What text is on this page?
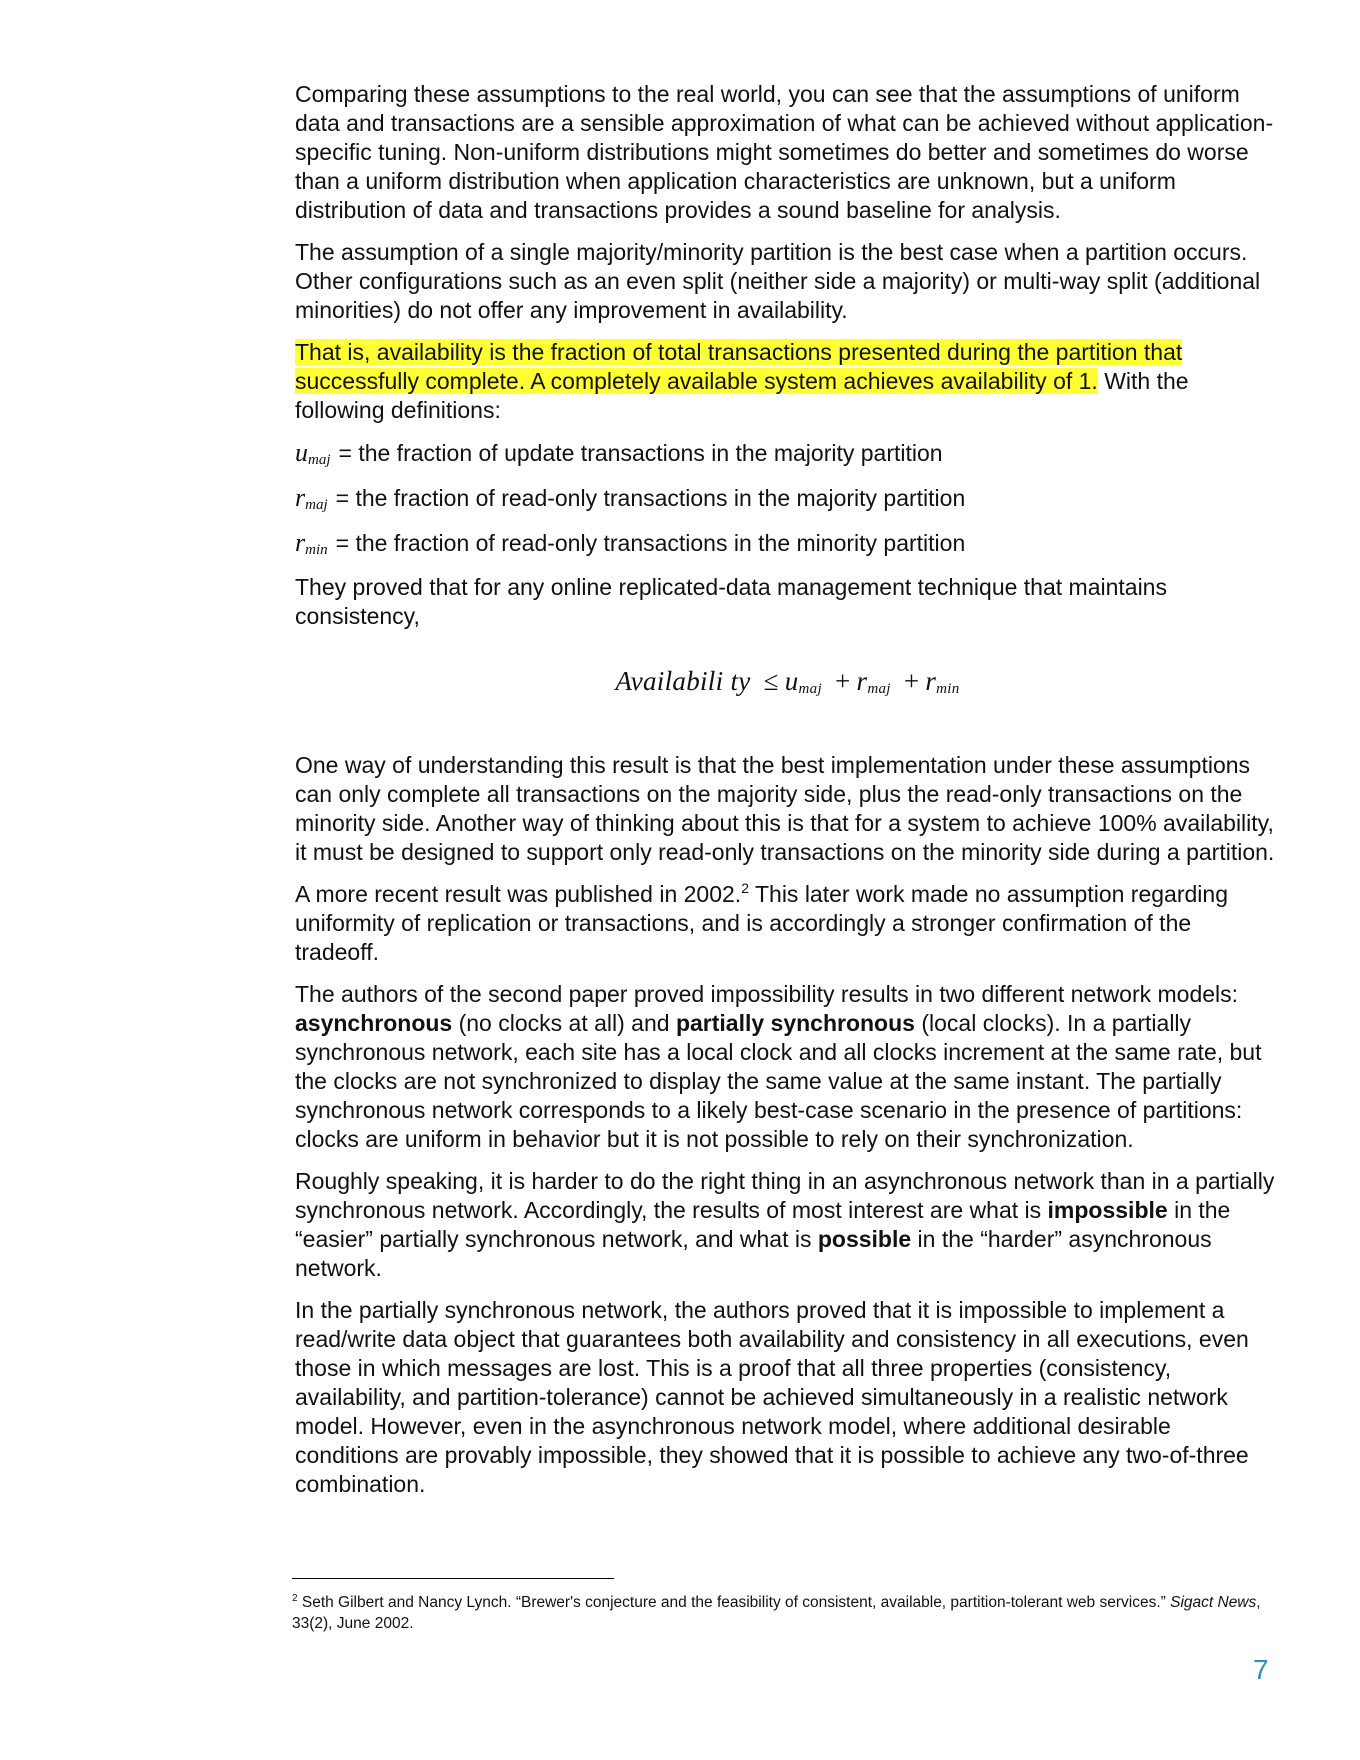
Comparing these assumptions to the real world, you can see that the assumptions of uniform data and transactions are a sensible approximation of what can be achieved without application-specific tuning. Non-uniform distributions might sometimes do better and sometimes do worse than a uniform distribution when application characteristics are unknown, but a uniform distribution of data and transactions provides a sound baseline for analysis.

The assumption of a single majority/minority partition is the best case when a partition occurs. Other configurations such as an even split (neither side a majority) or multi-way split (additional minorities) do not offer any improvement in availability.

That is, availability is the fraction of total transactions presented during the partition that successfully complete. A completely available system achieves availability of 1. With the following definitions:

$u_{maj}$ = the fraction of update transactions in the majority partition
$r_{maj}$ = the fraction of read-only transactions in the majority partition
$r_{min}$ = the fraction of read-only transactions in the minority partition

They proved that for any online replicated-data management technique that maintains consistency,

Availabili ty ≤ $u_{maj} + r_{maj} + r_{min}$

One way of understanding this result is that the best implementation under these assumptions can only complete all transactions on the majority side, plus the read-only transactions on the minority side. Another way of thinking about this is that for a system to achieve 100% availability, it must be designed to support only read-only transactions on the minority side during a partition.

A more recent result was published in 2002.$^2$ This later work made no assumption regarding uniformity of replication or transactions, and is accordingly a stronger confirmation of the tradeoff.

The authors of the second paper proved impossibility results in two different network models: asynchronous (no clocks at all) and partially synchronous (local clocks). In a partially synchronous network, each site has a local clock and all clocks increment at the same rate, but the clocks are not synchronized to display the same value at the same instant. The partially synchronous network corresponds to a likely best-case scenario in the presence of partitions: clocks are uniform in behavior but it is not possible to rely on their synchronization.

Roughly speaking, it is harder to do the right thing in an asynchronous network than in a partially synchronous network. Accordingly, the results of most interest are what is impossible in the “easier” partially synchronous network, and what is possible in the “harder” asynchronous network.

In the partially synchronous network, the authors proved that it is impossible to implement a read/write data object that guarantees both availability and consistency in all executions, even those in which messages are lost. This is a proof that all three properties (consistency, availability, and partition-tolerance) cannot be achieved simultaneously in a realistic network model. However, even in the asynchronous network model, where additional desirable conditions are provably impossible, they showed that it is possible to achieve any two-of-three combination.

$^2$ Seth Gilbert and Nancy Lynch. “Brewer's conjecture and the feasibility of consistent, available, partition-tolerant web services.” Sigact News, 33(2), June 2002.
7
